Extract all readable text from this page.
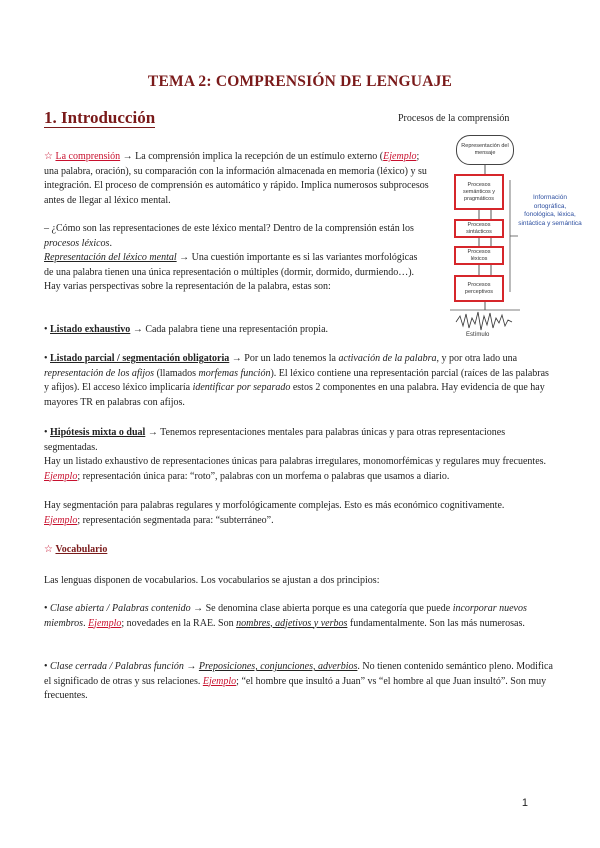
TEMA 2: COMPRENSIÓN DE LENGUAJE
1. Introducción	Procesos de la comprensión
Representación del mensaje
Procesos semánticos y pragmáticos
Procesos sintácticos
Procesos léxicos
Procesos perceptivos
Información ortográfica, fonológica, léxica, sintáctica y semántica
Estímulo
☆ La comprensión → La comprensión implica la recepción de un estímulo externo (Ejemplo; una palabra, oración), su comparación con la información almacenada en memoria (léxico) y su integración. El proceso de comprensión es automático y rápido. Implica numerosos subprocesos antes de llegar al léxico mental.
– ¿Cómo son las representaciones de este léxico mental? Dentro de la comprensión están los procesos léxicos.
Representación del léxico mental → Una cuestión importante es si las variantes morfológicas de una palabra tienen una única representación o múltiples (dormir, dormido, durmiendo…). Hay varias perspectivas sobre la representación de la palabra, estas son:
• Listado exhaustivo → Cada palabra tiene una representación propia.
• Listado parcial / segmentación obligatoria → Por un lado tenemos la activación de la palabra, y por otra lado una representación de los afijos (llamados morfemas función). El léxico contiene una representación parcial (raíces de las palabras y afijos). El acceso léxico implicaría identificar por separado estos 2 componentes en una palabra. Hay evidencia de que hay mayores TR en palabras con afijos.
• Hipótesis mixta o dual → Tenemos representaciones mentales para palabras únicas y para otras representaciones segmentadas.
Hay un listado exhaustivo de representaciones únicas para palabras irregulares, monomorfémicas y regulares muy frecuentes. Ejemplo; representación única para: “roto”, palabras con un morfema o palabras que usamos a diario.
Hay segmentación para palabras regulares y morfológicamente complejas. Esto es más económico cognitivamente.
Ejemplo; representación segmentada para: “subterráneo”.
☆ Vocabulario
Las lenguas disponen de vocabularios. Los vocabularios se ajustan a dos principios:
• Clase abierta / Palabras contenido → Se denomina clase abierta porque es una categoría que puede incorporar nuevos miembros. Ejemplo; novedades en la RAE. Son nombres, adjetivos y verbos fundamentalmente. Son las más numerosas.
• Clase cerrada / Palabras función → Preposiciones, conjunciones, adverbios. No tienen contenido semántico pleno. Modifica el significado de otras y sus relaciones. Ejemplo; “el hombre que insultó a Juan” vs “el hombre al que Juan insultó”. Son muy frecuentes.
1
